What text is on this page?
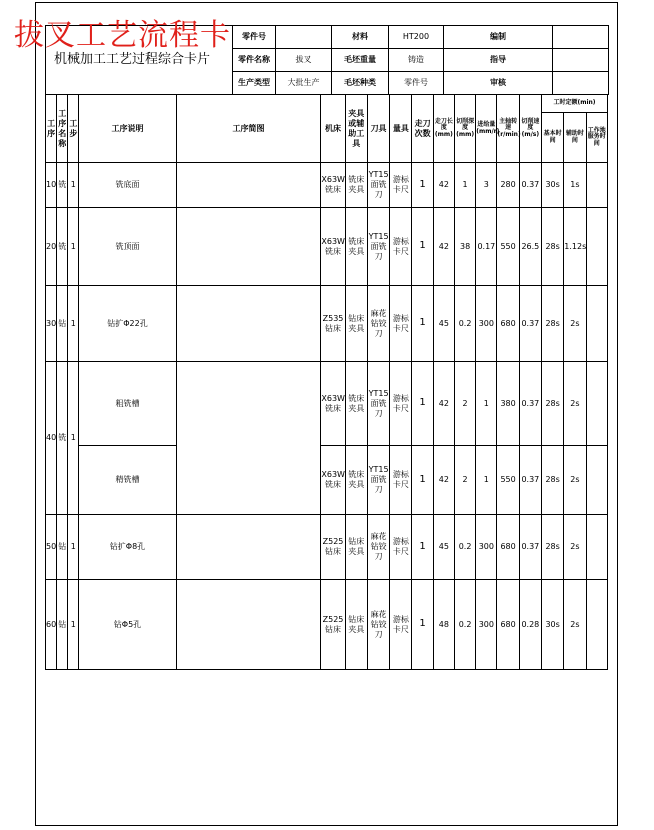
拔叉工艺流程卡
机械加工工艺过程综合卡片	零件号		材料	HT200	编制	
	零件名称	拔叉	毛坯重量	铸造	指导	
	生产类型	大批生产	毛坯种类	零件号	审核	
工序	工序名称	工步	工序说明	工序简图	机床	夹具或辅助工具	刀具	量具	走刀次数	走刀长度(mm)	切削深度(mm)	进给量(mm/r)	主轴转速(r/min)	切削速度(m/s)	工时定额(min)		
															基本时间	辅助时间	工作地服务时间
10	铣	1	铣底面		X63W铣床	铣床夹具	YT15面铣刀	游标卡尺	1	42	1	3	280	0.37	30s	1s	
20	铣	1	铣顶面		X63W铣床	铣床夹具	YT15面铣刀	游标卡尺	1	42	38	0.17	550	26.5	28s	1.12s	
30	钻	1	钻扩Φ22孔		Z535钻床	钻床夹具	麻花钻铰刀	游标卡尺	1	45	0.2	300	680	0.37	28s	2s	
40	铣	1	粗铣槽		X63W铣床	铣床夹具	YT15面铣刀	游标卡尺	1	42	2	1	380	0.37	28s	2s	
			精铣槽		X63W铣床	铣床夹具	YT15面铣刀	游标卡尺	1	42	2	1	550	0.37	28s	2s	
50	钻	1	钻扩Φ8孔		Z525钻床	钻床夹具	麻花钻铰刀	游标卡尺	1	45	0.2	300	680	0.37	28s	2s	
60	钻	1	钻Φ5孔		Z525钻床	钻床夹具	麻花钻铰刀	游标卡尺	1	48	0.2	300	680	0.28	30s	2s	
